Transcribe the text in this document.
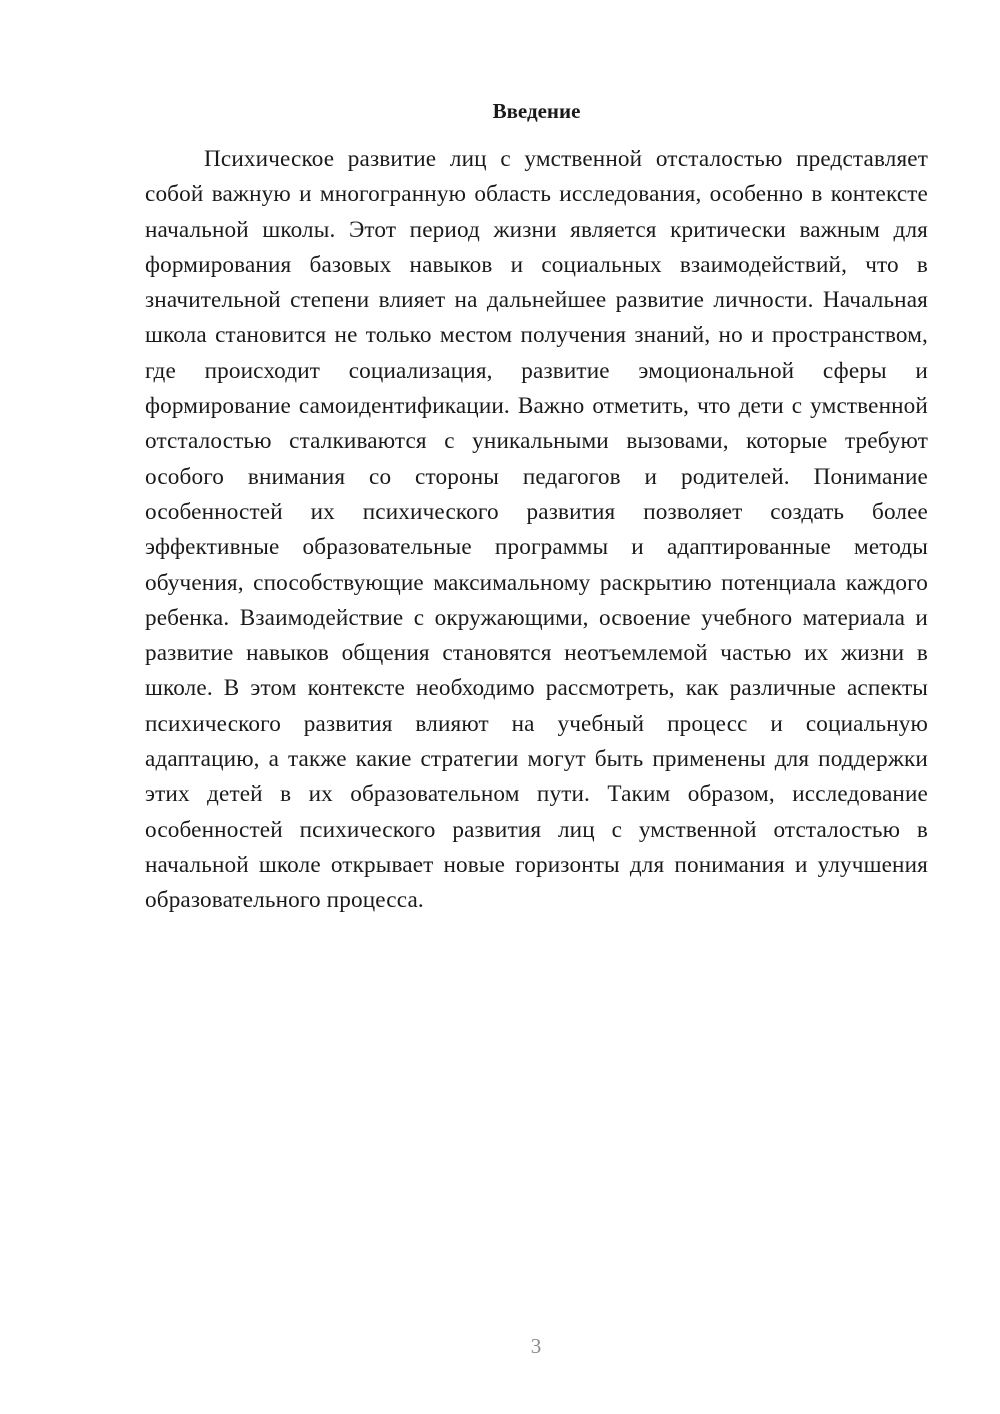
Введение

Психическое развитие лиц с умственной отсталостью представляет собой важную и многогранную область исследования, особенно в контексте начальной школы. Этот период жизни является критически важным для формирования базовых навыков и социальных взаимодействий, что в значительной степени влияет на дальнейшее развитие личности. Начальная школа становится не только местом получения знаний, но и пространством, где происходит социализация, развитие эмоциональной сферы и формирование самоидентификации. Важно отметить, что дети с умственной отсталостью сталкиваются с уникальными вызовами, которые требуют особого внимания со стороны педагогов и родителей. Понимание особенностей их психического развития позволяет создать более эффективные образовательные программы и адаптированные методы обучения, способствующие максимальному раскрытию потенциала каждого ребенка. Взаимодействие с окружающими, освоение учебного материала и развитие навыков общения становятся неотъемлемой частью их жизни в школе. В этом контексте необходимо рассмотреть, как различные аспекты психического развития влияют на учебный процесс и социальную адаптацию, а также какие стратегии могут быть применены для поддержки этих детей в их образовательном пути. Таким образом, исследование особенностей психического развития лиц с умственной отсталостью в начальной школе открывает новые горизонты для понимания и улучшения образовательного процесса.

3
